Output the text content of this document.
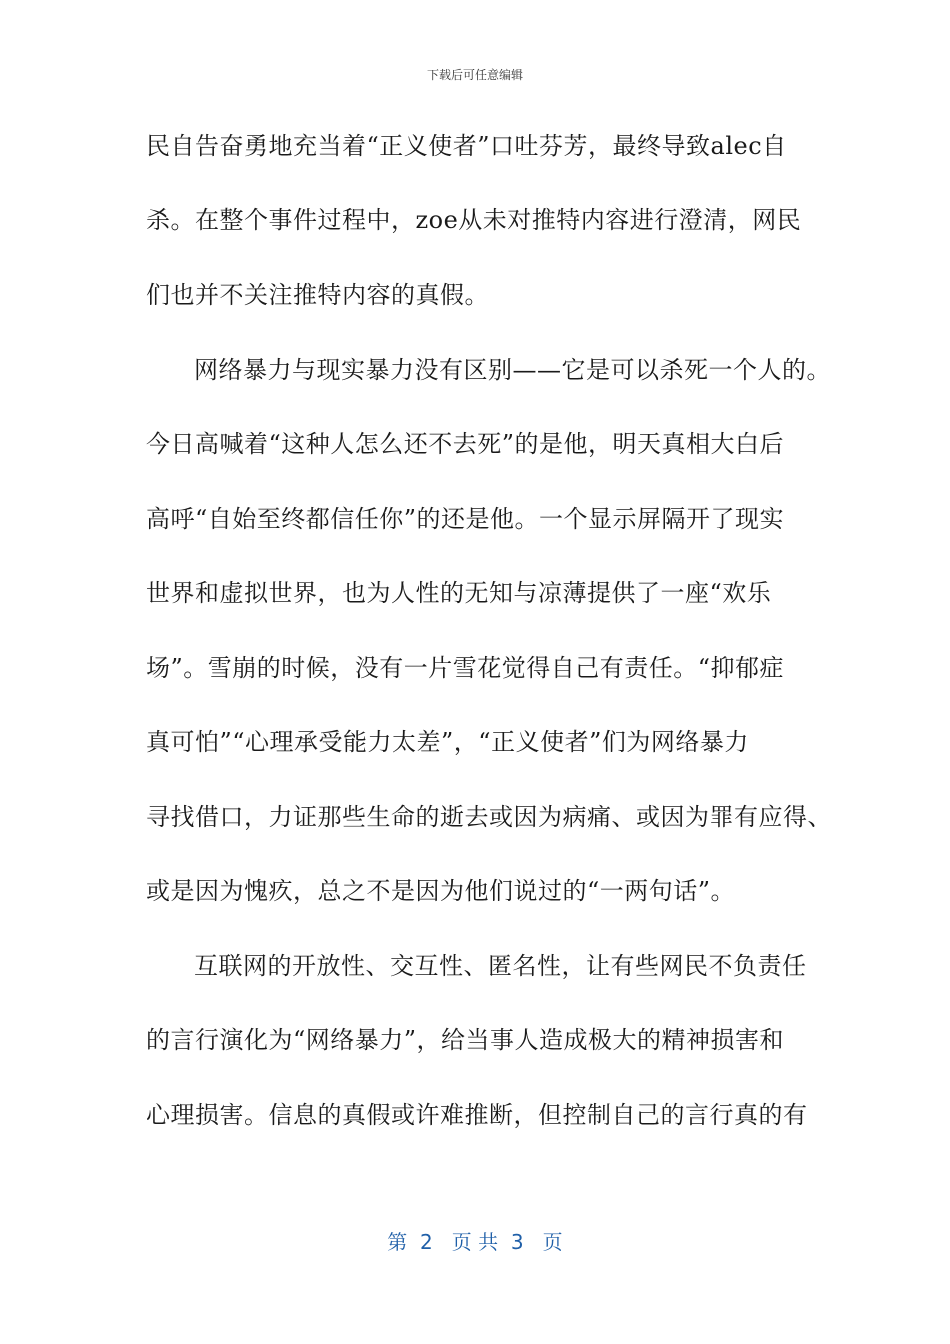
下载后可任意编辑
民自告奋勇地充当着“正义使者”口吐芬芳，最终导致alec自
杀。在整个事件过程中，zoe从未对推特内容进行澄清，网民
们也并不关注推特内容的真假。
网络暴力与现实暴力没有区别——它是可以杀死一个人的。
今日高喊着“这种人怎么还不去死”的是他，明天真相大白后
高呼“自始至终都信任你”的还是他。一个显示屏隔开了现实
世界和虚拟世界，也为人性的无知与凉薄提供了一座“欢乐
场”。雪崩的时候，没有一片雪花觉得自己有责任。“抑郁症
真可怕”“心理承受能力太差”，“正义使者”们为网络暴力
寻找借口，力证那些生命的逝去或因为病痛、或因为罪有应得、
或是因为愧疚，总之不是因为他们说过的“一两句话”。
互联网的开放性、交互性、匿名性，让有些网民不负责任
的言行演化为“网络暴力”，给当事人造成极大的精神损害和
心理损害。信息的真假或许难推断，但控制自己的言行真的有
第  2   页 共  3   页
